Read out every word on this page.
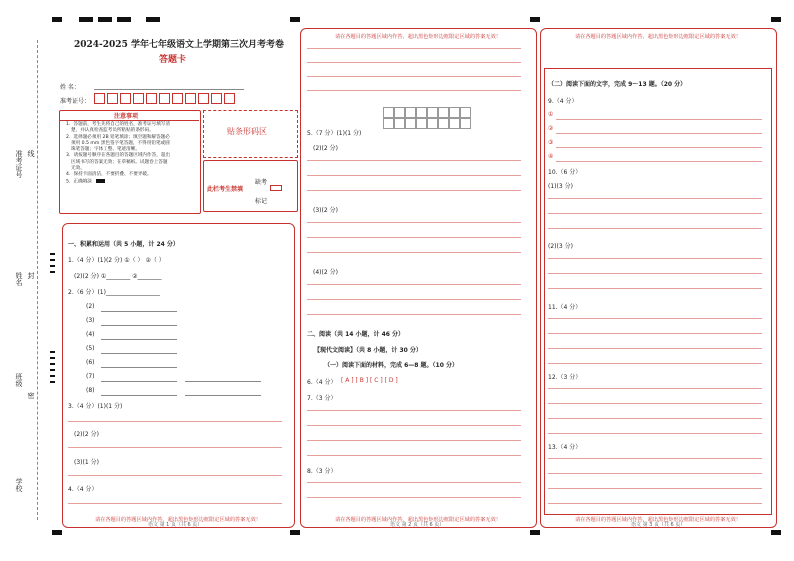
准考证号 线
姓名 封
班级
密
学校
2024-2025 学年七年级语文上学期第三次月考考卷
答题卡
姓 名：
准考证号：
注意事项
1．答题前，考生先将自己的姓名，准考证号填写清
楚，并认真检查监考员所粘贴的条形码。
2．选择题必须用 2B 铅笔填涂；填空题和解答题必
须用 0.5 mm 黑色签字笔答题，不得用铅笔或圆
珠笔答题；字体工整、笔迹清晰。
3．请按题号顺序在各题目的答题区域内作答，超出
区域书写的答案无效；在草稿纸、试题卷上答题
无效。
4．保持卡面清洁，不要折叠、不要弄破。
5．正确填涂
贴条形码区
此栏考生禁填
缺考
标记
一、积累和运用（共 5 小题，计 24 分）
1.（4 分）(1)(2 分) ①（ ） ②（ ）
(2)(2 分) ①________ ②________
2.（6 分）(1)__________________
(2)
(3)
(4)
(5)
(6)
(7)
(8)
3.（4 分）(1)(1 分)
(2)(2 分)
(3)(1 分)
4.（4 分）
请在各题目的答题区域内作答，超出黑色矩形边框限定区域的答案无效！
语文 第 1 页（共 6 页）
请在各题目的答题区域内作答，超出黑色矩形边框限定区域的答案无效！
请在各题目的答题区域内作答，超出黑色矩形边框限定区域的答案无效！
语文 第 2 页（共 6 页）
5.（7 分）(1)(1 分)
(2)(2 分)
(3)(2 分)
(4)(2 分)
二、阅读（共 14 小题，计 46 分）
【现代文阅读】（共 8 小题，计 30 分）
（一）阅读下面的材料，完成 6—8 题。（10 分）
6.（4 分） [ A ] [ B ] [ C ] [ D ]
7.（3 分）
8.（3 分）
请在各题目的答题区域内作答，超出黑色矩形边框限定区域的答案无效！
请在各题目的答题区域内作答，超出黑色矩形边框限定区域的答案无效！
语文 第 3 页（共 6 页）
（二）阅读下面的文字，完成 9～13 题。（20 分）
9.（4 分）
①
②
③
④
10.（6 分）
(1)(3 分)
(2)(3 分)
11.（4 分）
12.（3 分）
13.（4 分）
